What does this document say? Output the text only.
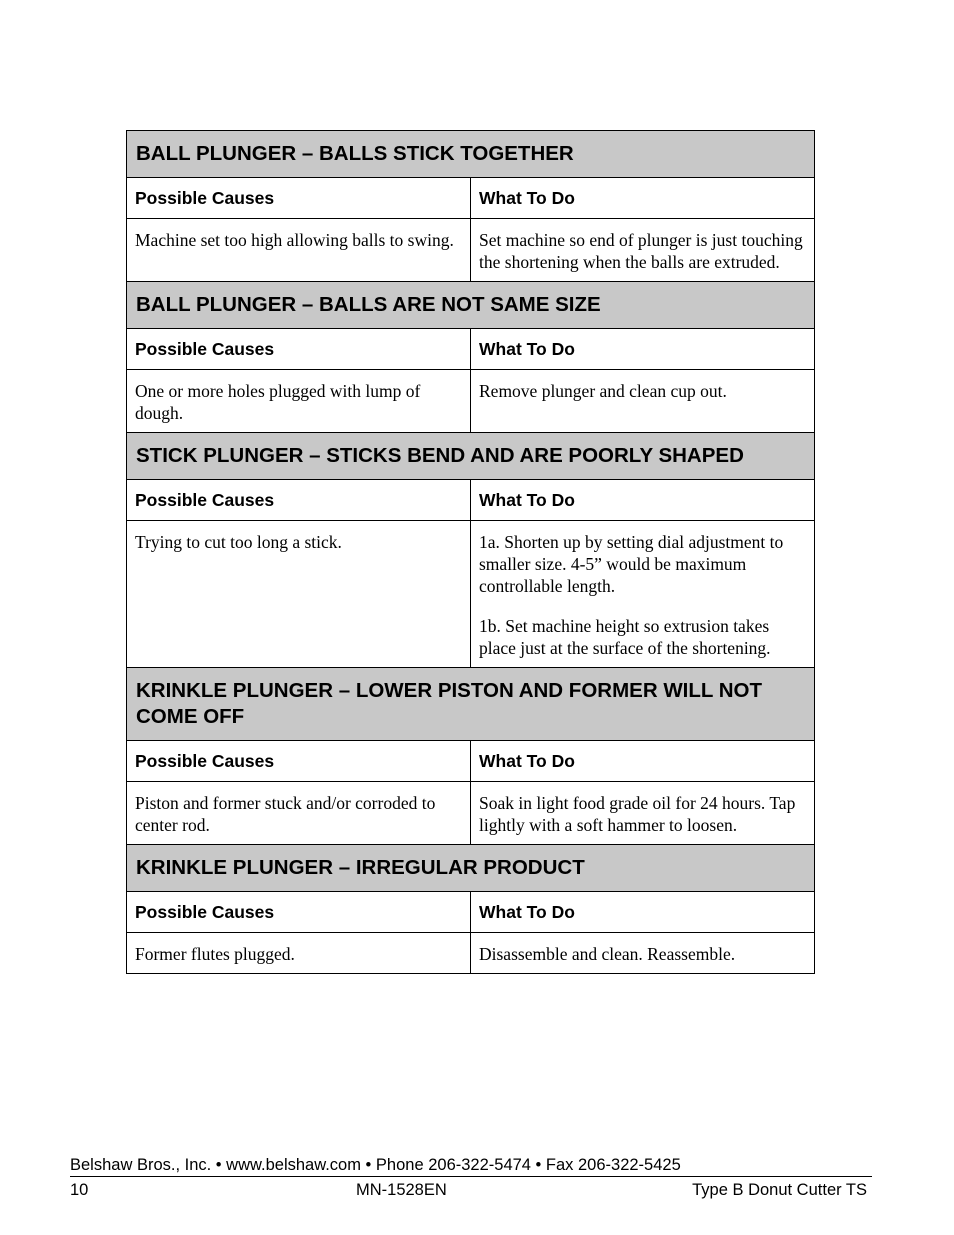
BALL PLUNGER – BALLS STICK TOGETHER	
Possible Causes	What To Do

Machine set too high allowing balls to swing.	Set machine so end of plunger is just touching the shortening when the balls are extruded.

BALL PLUNGER – BALLS ARE NOT SAME SIZE	
Possible Causes	What To Do

One or more holes plugged with lump of dough.	Remove plunger and clean cup out.

STICK PLUNGER – STICKS BEND AND ARE POORLY SHAPED	
Possible Causes	What To Do

Trying to cut too long a stick.	1a. Shorten up by setting dial adjustment to smaller size. 4-5” would be maximum controllable length.

1b. Set machine height so extrusion takes place just at the surface of the shortening.

KRINKLE PLUNGER – LOWER PISTON AND FORMER WILL NOT COME OFF	
Possible Causes	What To Do

Piston and former stuck and/or corroded to center rod.	Soak in light food grade oil for 24 hours. Tap lightly with a soft hammer to loosen.

KRINKLE PLUNGER – IRREGULAR PRODUCT	
Possible Causes	What To Do

Former flutes plugged.	Disassemble and clean. Reassemble.

Belshaw Bros., Inc. • www.belshaw.com • Phone 206-322-5474 • Fax 206-322-5425
10	MN-1528EN	Type B Donut Cutter TS
